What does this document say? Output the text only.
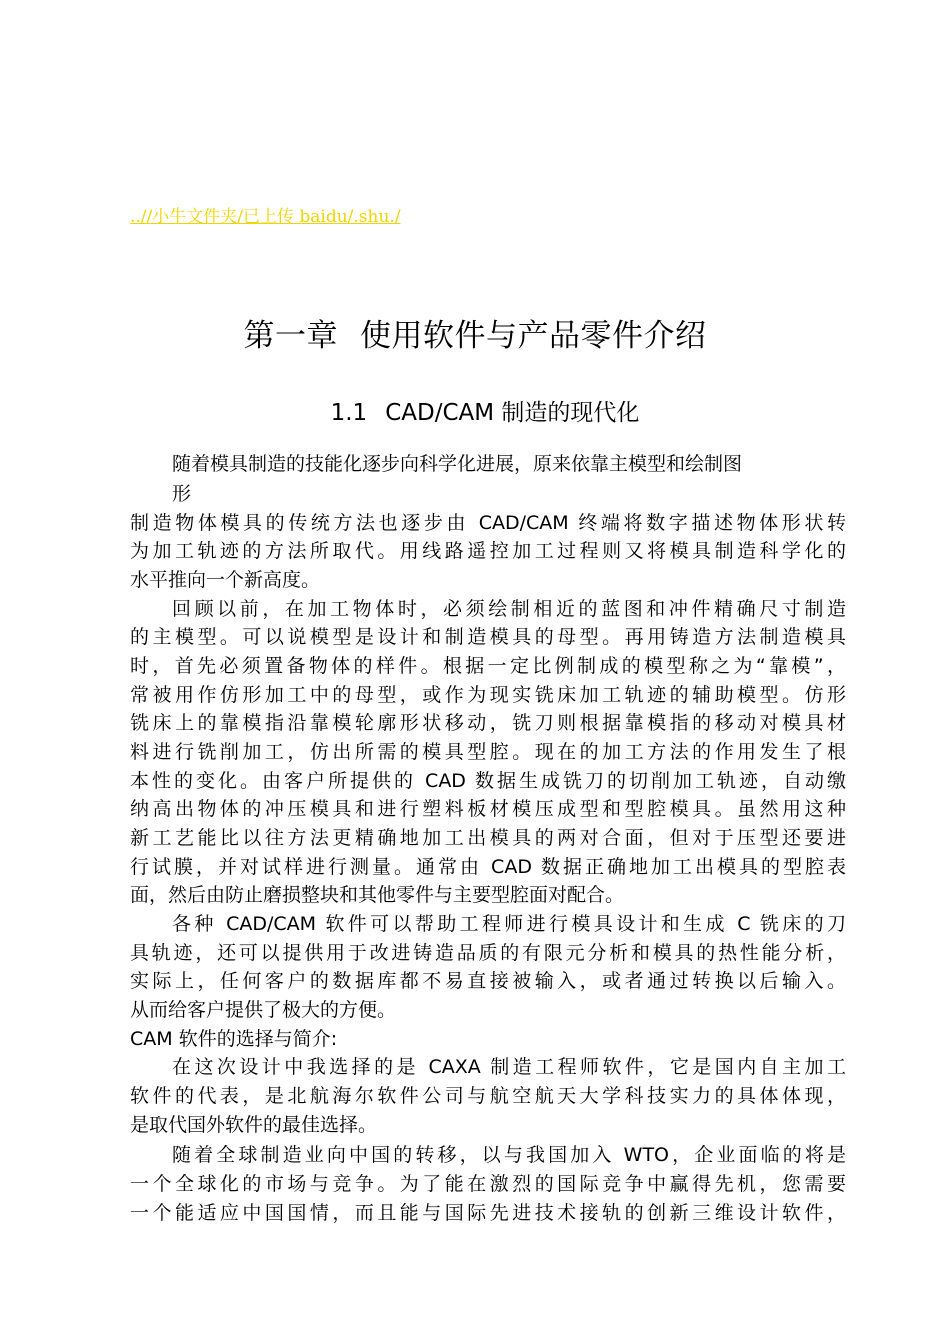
..//小牛文件夹/已上传 baidu/.shu./
第一章 使用软件与产品零件介绍
1.1 CAD/CAM 制造的现代化
随着模具制造的技能化逐步向科学化进展，原来依靠主模型和绘制图
形
制造物体模具的传统方法也逐步由 CAD/CAM 终端将数字描述物体形状转
为加工轨迹的方法所取代。用线路遥控加工过程则又将模具制造科学化的
水平推向一个新高度。
回顾以前，在加工物体时，必须绘制相近的蓝图和冲件精确尺寸制造
的主模型。可以说模型是设计和制造模具的母型。再用铸造方法制造模具
时，首先必须置备物体的样件。根据一定比例制成的模型称之为“靠模”，
常被用作仿形加工中的母型，或作为现实铣床加工轨迹的辅助模型。仿形
铣床上的靠模指沿靠模轮廓形状移动，铣刀则根据靠模指的移动对模具材
料进行铣削加工，仿出所需的模具型腔。现在的加工方法的作用发生了根
本性的变化。由客户所提供的 CAD 数据生成铣刀的切削加工轨迹，自动缴
纳高出物体的冲压模具和进行塑料板材模压成型和型腔模具。虽然用这种
新工艺能比以往方法更精确地加工出模具的两对合面，但对于压型还要进
行试膜，并对试样进行测量。通常由 CAD 数据正确地加工出模具的型腔表
面，然后由防止磨损整块和其他零件与主要型腔面对配合。
各种 CAD/CAM 软件可以帮助工程师进行模具设计和生成 C 铣床的刀
具轨迹，还可以提供用于改进铸造品质的有限元分析和模具的热性能分析，
实际上，任何客户的数据库都不易直接被输入，或者通过转换以后输入。
从而给客户提供了极大的方便。
CAM 软件的选择与简介:
在这次设计中我选择的是 CAXA 制造工程师软件，它是国内自主加工
软件的代表，是北航海尔软件公司与航空航天大学科技实力的具体体现，
是取代国外软件的最佳选择。
随着全球制造业向中国的转移，以与我国加入 WTO，企业面临的将是
一个全球化的市场与竞争。为了能在激烈的国际竞争中赢得先机，您需要
一个能适应中国国情，而且能与国际先进技术接轨的创新三维设计软件，
